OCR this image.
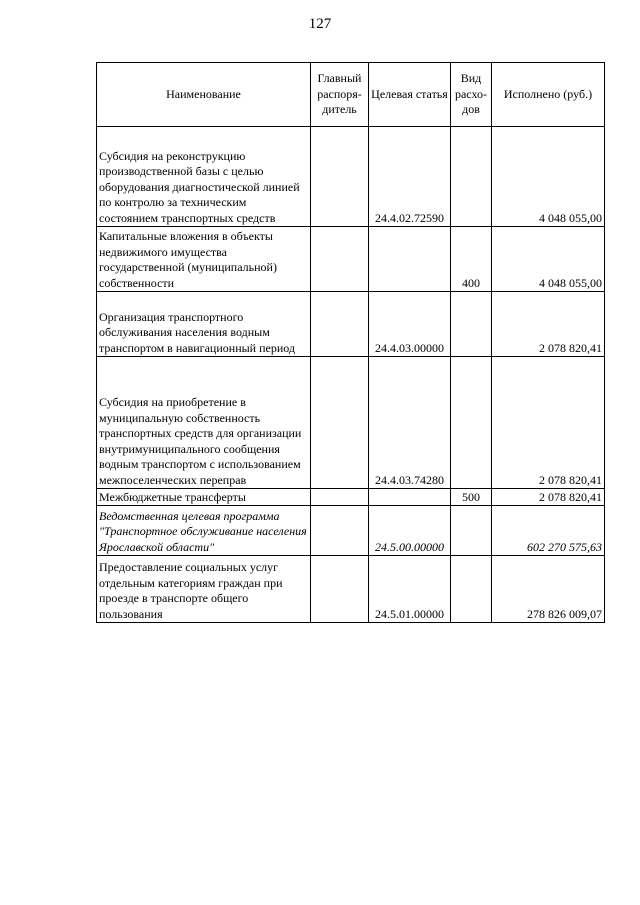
127
Наименование	Главный распоря-дитель	Целевая статья	Вид расхо-дов	Исполнено (руб.)

Субсидия на реконструкцию производственной базы с целью оборудования диагностической линией по контролю за техническим состоянием транспортных средств		24.4.02.72590		4 048 055,00
Капитальные вложения в объекты недвижимого имущества государственной (муниципальной) собственности			400	4 048 055,00
Организация транспортного обслуживания населения водным транспортом в навигационный период		24.4.03.00000		2 078 820,41
Субсидия на приобретение в муниципальную собственность транспортных средств для организации внутримуниципального сообщения водным транспортом с использованием межпоселенческих переправ		24.4.03.74280		2 078 820,41
Межбюджетные трансферты			500	2 078 820,41
Ведомственная целевая программа "Транспортное обслуживание населения Ярославской области"		24.5.00.00000		602 270 575,63
Предоставление социальных услуг отдельным категориям граждан при проезде в транспорте общего пользования		24.5.01.00000		278 826 009,07
